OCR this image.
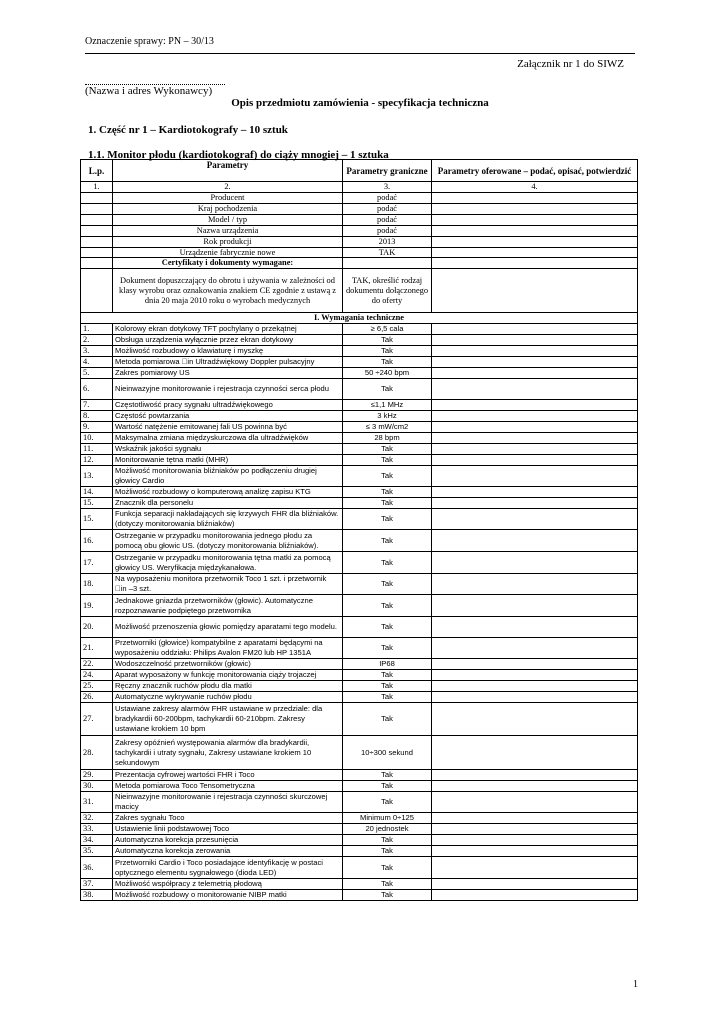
Oznaczenie sprawy: PN – 30/13
Załącznik nr 1 do SIWZ
(Nazwa i adres Wykonawcy)
Opis przedmiotu zamówienia - specyfikacja techniczna
1. Część nr 1 – Kardiotokografy – 10 sztuk
1.1. Monitor płodu (kardiotokograf) do ciąży mnogiej – 1 sztuka
L.p.	Parametry	Parametry graniczne	Parametry oferowane – podać, opisać, potwierdzić
1.	2.	3.	4.
	Producent	podać	
	Kraj pochodzenia	podać	
	Model / typ	podać	
	Nazwa urządzenia	podać	
	Rok produkcji	2013	
	Urządzenie fabrycznie nowe	TAK	
	Certyfikaty i dokumenty wymagane:		
	Dokument dopuszczający do obrotu i używania w zależności od klasy wyrobu oraz oznakowania znakiem CE zgodnie z ustawą z dnia 20 maja 2010 roku o wyrobach medycznych	TAK, określić rodzaj dokumentu dołączonego do oferty	
I. Wymagania techniczne			
1.	Kolorowy ekran dotykowy TFT pochylany o przekątnej	≥ 6,5 cala	
2.	Obsługa urządzenia wyłącznie przez ekran dotykowy	Tak	
3.	Możliwość rozbudowy o klawiaturę i myszkę	Tak	
4.	Metoda pomiarowa in Ultradźwiękowy Doppler pulsacyjny	Tak	
5.	Zakres pomiarowy US	50 ÷240 bpm	
6.	Nieinwazyjne monitorowanie i rejestracja czynności serca płodu	Tak	
7.	Częstotliwość pracy sygnału ultradźwiękowego	≤1,1 MHz	
8.	Częstość powtarzania	3 kHz	
9.	Wartość natężenie emitowanej fali US powinna być	≤ 3 mW/cm2	
10.	Maksymalna zmiana międzyskurczowa dla ultradźwięków	28 bpm	
11.	Wskaźnik jakości sygnału	Tak	
12.	Monitorowanie tętna matki (MHR)	Tak	
13.	Możliwość monitorowania bliźniaków po podłączeniu drugiej głowicy Cardio	Tak	
14.	Możliwość rozbudowy o komputerową analizę zapisu KTG	Tak	
15.	Znacznik dla personelu	Tak	
15.	Funkcja separacji nakładających się krzywych FHR dla bliźniaków. (dotyczy monitorowania bliźniaków)	Tak	
16.	Ostrzeganie w przypadku monitorowania jednego płodu za pomocą obu głowic US. (dotyczy monitorowania bliźniaków).	Tak	
17.	Ostrzeganie w przypadku monitorowania tętna matki za pomocą głowicy US. Weryfikacja międzykanałowa.	Tak	
18.	Na wyposażeniu monitora przetwornik Toco 1 szt. i przetwornik in –3 szt.	Tak	
19.	Jednakowe gniazda przetworników (głowic). Automatyczne rozpoznawanie podpiętego przetwornika	Tak	
20.	Możliwość przenoszenia głowic pomiędzy aparatami tego modelu.	Tak	
21.	Przetworniki (głowice) kompatybilne z aparatami będącymi na wyposażeniu oddziału: Philips Avalon FM20 lub HP 1351A	Tak	
22.	Wodoszczelność przetworników (głowic)	IP68	
24.	Aparat wyposażony w funkcję monitorowania ciąży trojaczej	Tak	
25.	Ręczny znacznik ruchów płodu dla matki	Tak	
26.	Automatyczne wykrywanie ruchów płodu	Tak	
27.	Ustawiane zakresy alarmów FHR ustawiane w przedziale: dla bradykardii 60-200bpm, tachykardii 60-210bpm. Zakresy ustawiane krokiem 10 bpm	Tak	
28.	Zakresy opóźnień występowania alarmów dla bradykardii, tachykardii i utraty sygnału, Zakresy ustawiane krokiem 10 sekundowym	10÷300 sekund	
29.	Prezentacja cyfrowej wartości FHR i Toco	Tak	
30.	Metoda pomiarowa Toco Tensometryczna	Tak	
31.	Nieinwazyjne monitorowanie i rejestracja czynności skurczowej macicy	Tak	
32.	Zakres sygnału Toco	Minimum 0÷125	
33.	Ustawienie linii podstawowej Toco	20 jednostek	
34.	Automatyczna korekcja przesunięcia	Tak	
35.	Automatyczna korekcja zerowania	Tak	
36.	Przetworniki Cardio i Toco posiadające identyfikację w postaci optycznego elementu sygnałowego (dioda LED)	Tak	
37.	Możliwość współpracy z telemetrią płodową	Tak	
38.	Możliwość rozbudowy o monitorowanie NIBP matki	Tak	
1
